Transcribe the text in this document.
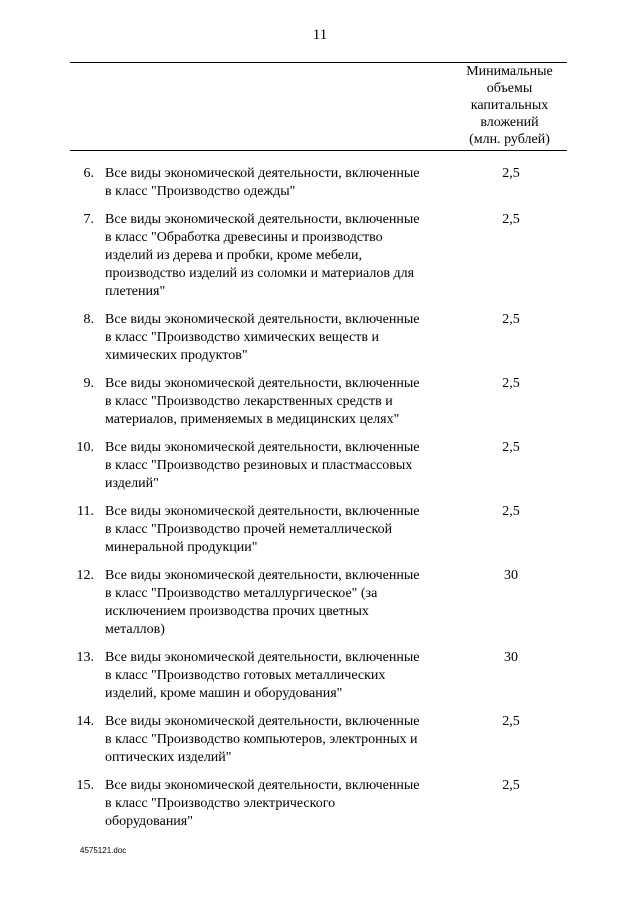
11
Минимальные
объемы
капитальных
вложений
(млн. рублей)
6. Все виды экономической деятельности, включенные
в класс "Производство одежды"
2,5
7. Все виды экономической деятельности, включенные
в класс "Обработка древесины и производство
изделий из дерева и пробки, кроме мебели,
производство изделий из соломки и материалов для
плетения"
2,5
8. Все виды экономической деятельности, включенные
в класс "Производство химических веществ и
химических продуктов"
2,5
9. Все виды экономической деятельности, включенные
в класс "Производство лекарственных средств и
материалов, применяемых в медицинских целях"
2,5
10. Все виды экономической деятельности, включенные
в класс "Производство резиновых и пластмассовых
изделий"
2,5
11. Все виды экономической деятельности, включенные
в класс "Производство прочей неметаллической
минеральной продукции"
2,5
12. Все виды экономической деятельности, включенные
в класс "Производство металлургическое" (за
исключением производства прочих цветных
металлов)
30
13. Все виды экономической деятельности, включенные
в класс "Производство готовых металлических
изделий, кроме машин и оборудования"
30
14. Все виды экономической деятельности, включенные
в класс "Производство компьютеров, электронных и
оптических изделий"
2,5
15. Все виды экономической деятельности, включенные
в класс "Производство электрического
оборудования"
2,5
4575121.doc
